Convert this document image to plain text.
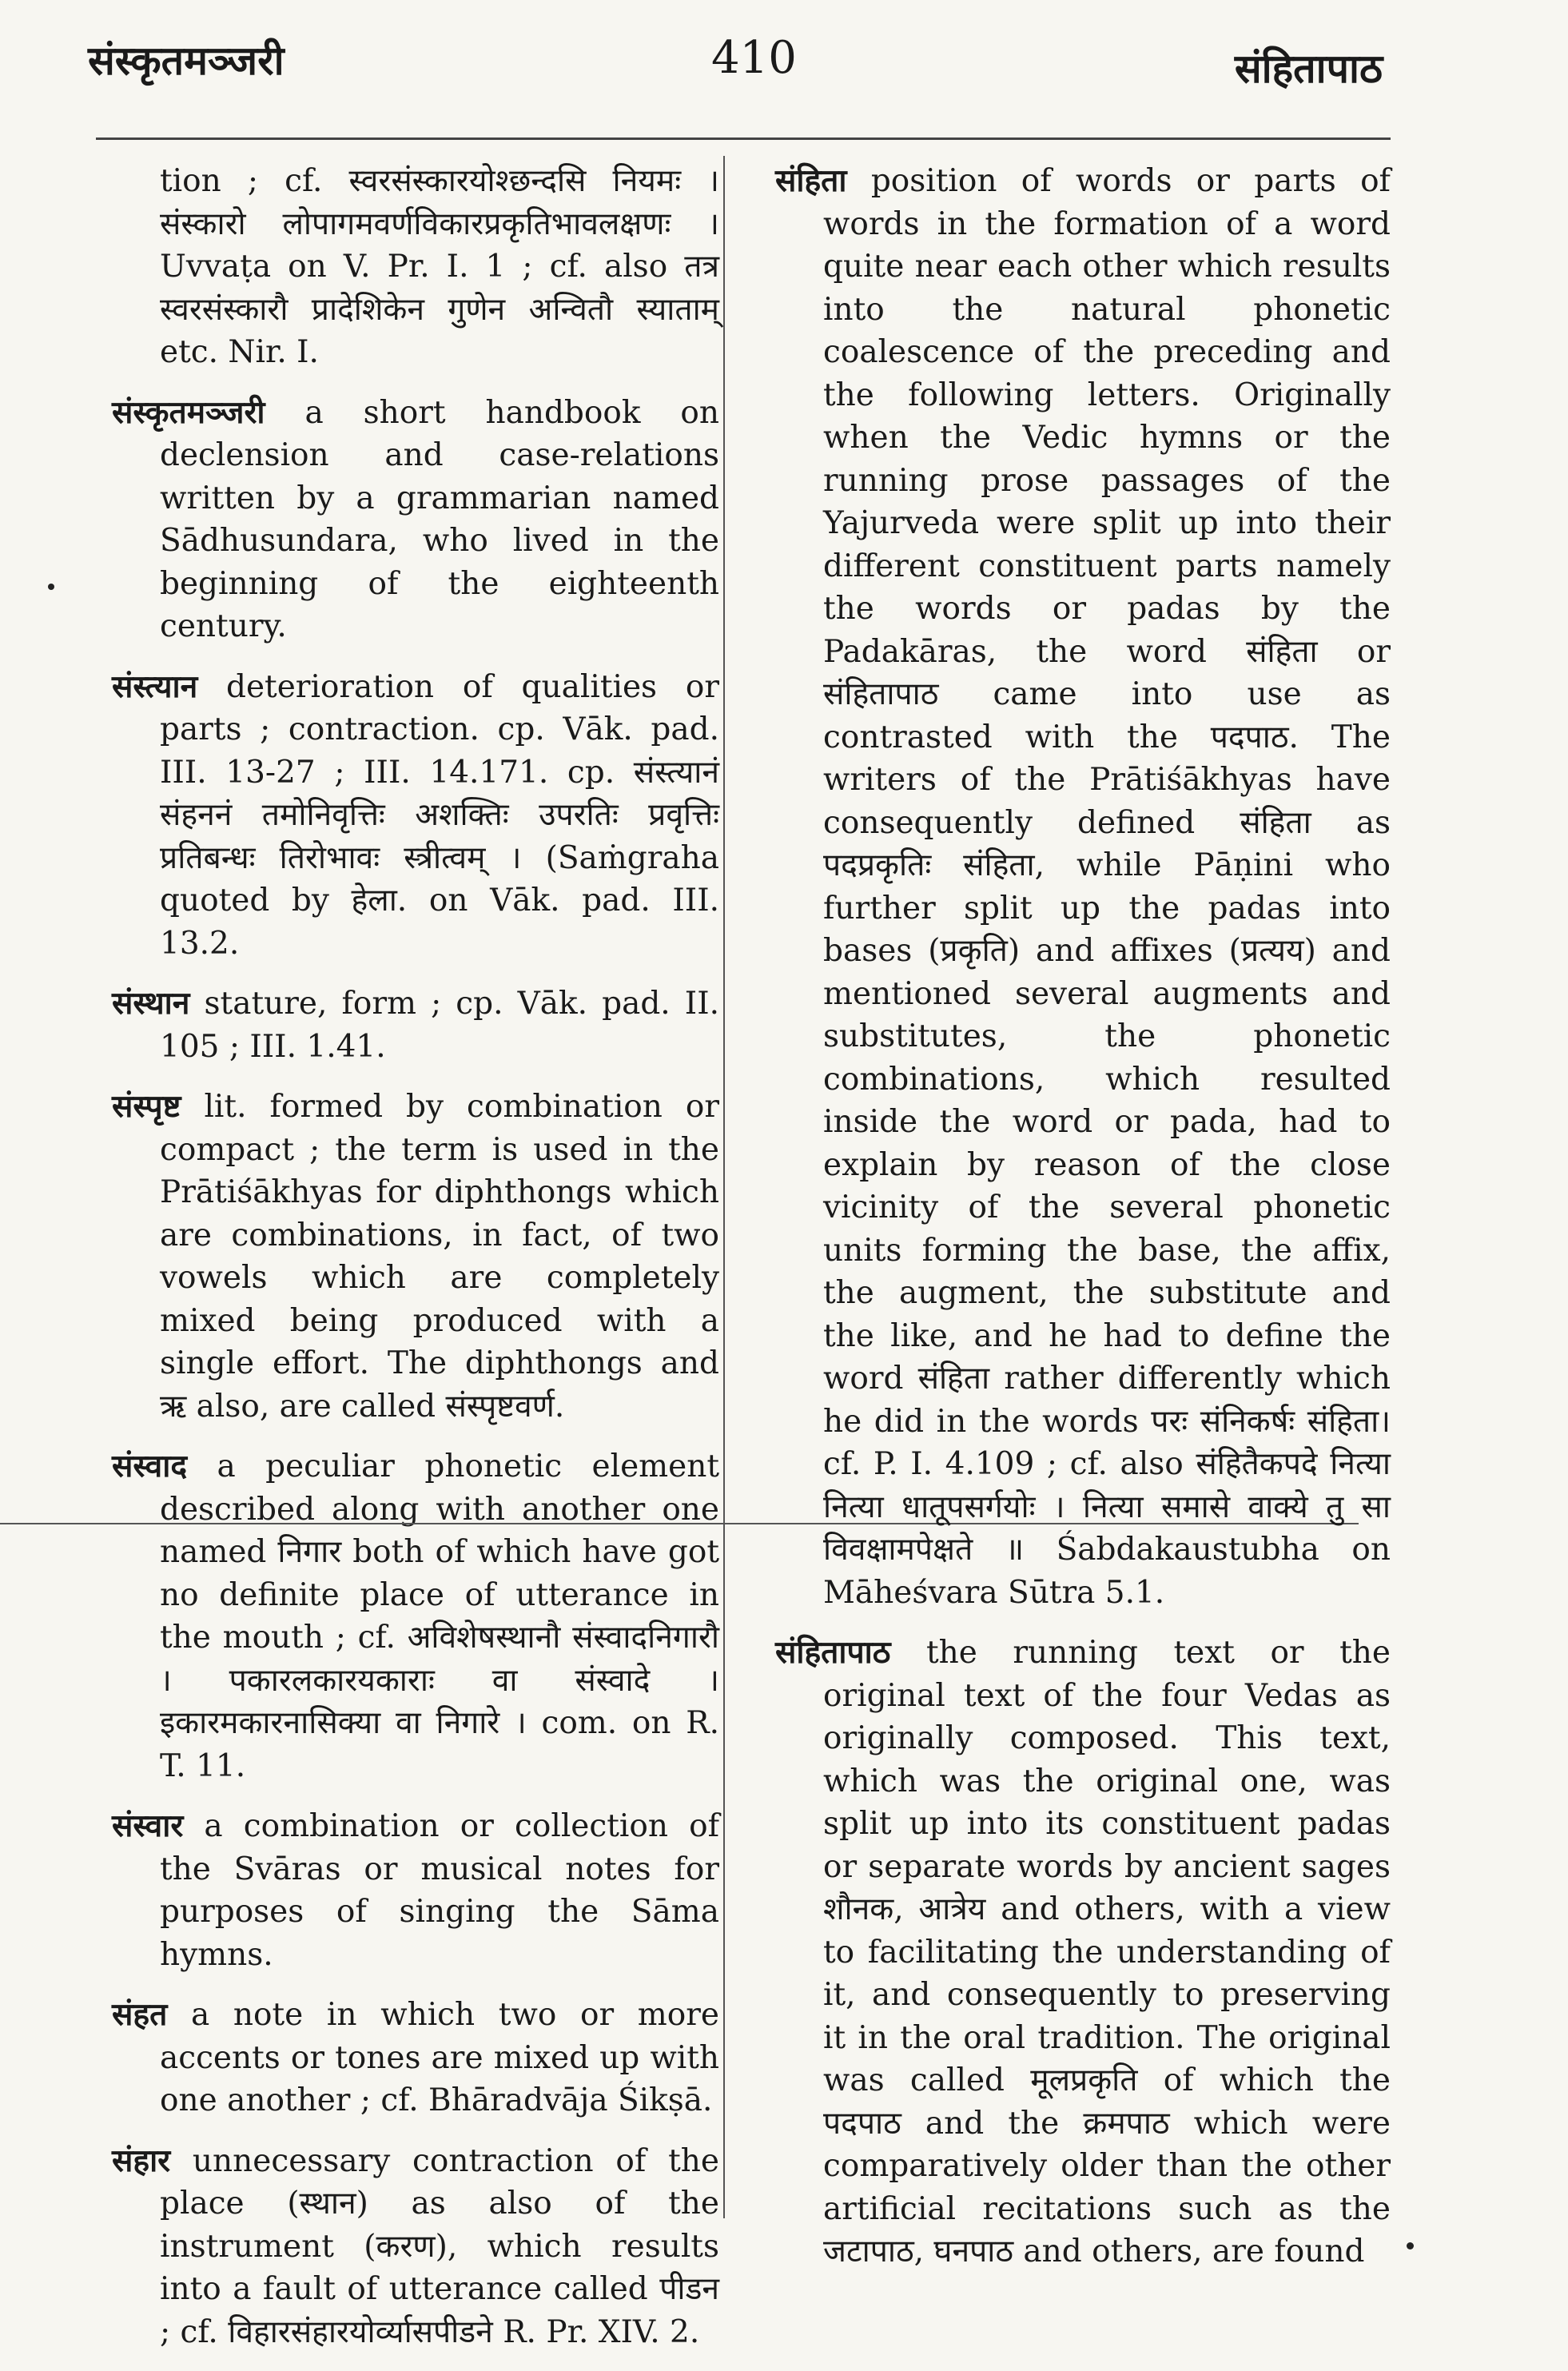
संस्कृतमञ्जरी	410	संहितापाठ

tion ; cf. स्वरसंस्कारयोश्छन्दसि नियमः । संस्कारो लोपागमवर्णविकारप्रकृतिभावलक्षणः । Uvvaṭa on V. Pr. I. 1 ; cf. also तत्र स्वरसंस्कारौ प्रादेशिकेन गुणेन अन्वितौ स्याताम् etc. Nir. I.

संस्कृतमञ्जरी a short handbook on declension and case-relations written by a grammarian named Sādhusundara, who lived in the beginning of the eighteenth century.

संस्त्यान deterioration of qualities or parts ; contraction. cp. Vāk. pad. III. 13-27 ; III. 14.171. cp. संस्त्यानं संहननं तमोनिवृत्तिः अशक्तिः उपरतिः प्रवृत्तिः प्रतिबन्धः तिरोभावः स्त्रीत्वम् । (Saṁgraha quoted by हेला. on Vāk. pad. III. 13.2.

संस्थान stature, form ; cp. Vāk. pad. II. 105 ; III. 1.41.

संस्पृष्ट lit. formed by combination or compact ; the term is used in the Prātiśākhyas for diphthongs which are combinations, in fact, of two vowels which are completely mixed being produced with a single effort. The diphthongs and ऋ also, are called संस्पृष्टवर्ण.

संस्वाद a peculiar phonetic element described along with another one named निगार both of which have got no definite place of utterance in the mouth ; cf. अविशेषस्थानौ संस्वादनिगारौ । पकारलकारयकाराः वा संस्वादे । इकारमकारनासिक्या वा निगारे । com. on R. T. 11.

संस्वार a combination or collection of the Svāras or musical notes for purposes of singing the Sāma hymns.

संहत a note in which two or more accents or tones are mixed up with one another ; cf. Bhāradvāja Śikṣā.

संहार unnecessary contraction of the place (स्थान) as also of the instrument (करण), which results into a fault of utterance called पीडन ; cf. विहारसंहारयोर्व्यासपीडने R. Pr. XIV. 2.

संहिता position of words or parts of words in the formation of a word quite near each other which results into the natural phonetic coalescence of the preceding and the following letters. Originally when the Vedic hymns or the running prose passages of the Yajurveda were split up into their different constituent parts namely the words or padas by the Padakāras, the word संहिता or संहितापाठ came into use as contrasted with the पदपाठ. The writers of the Prātiśākhyas have consequently defined संहिता as पदप्रकृतिः संहिता, while Pāṇini who further split up the padas into bases (प्रकृति) and affixes (प्रत्यय) and mentioned several augments and substitutes, the phonetic combinations, which resulted inside the word or pada, had to explain by reason of the close vicinity of the several phonetic units forming the base, the affix, the augment, the substitute and the like, and he had to define the word संहिता rather differently which he did in the words परः संनिकर्षः संहिता। cf. P. I. 4.109 ; cf. also संहितैकपदे नित्या नित्या धातूपसर्गयोः । नित्या समासे वाक्ये तु सा विवक्षामपेक्षते ॥ Śabdakaustubha on Māheśvara Sūtra 5.1.

संहितापाठ the running text or the original text of the four Vedas as originally composed. This text, which was the original one, was split up into its constituent padas or separate words by ancient sages शौनक, आत्रेय and others, with a view to facilitating the understanding of it, and consequently to preserving it in the oral tradition. The original was called मूलप्रकृति of which the पदपाठ and the क्रमपाठ which were comparatively older than the other artificial recitations such as the जटापाठ, घनपाठ and others, are found
